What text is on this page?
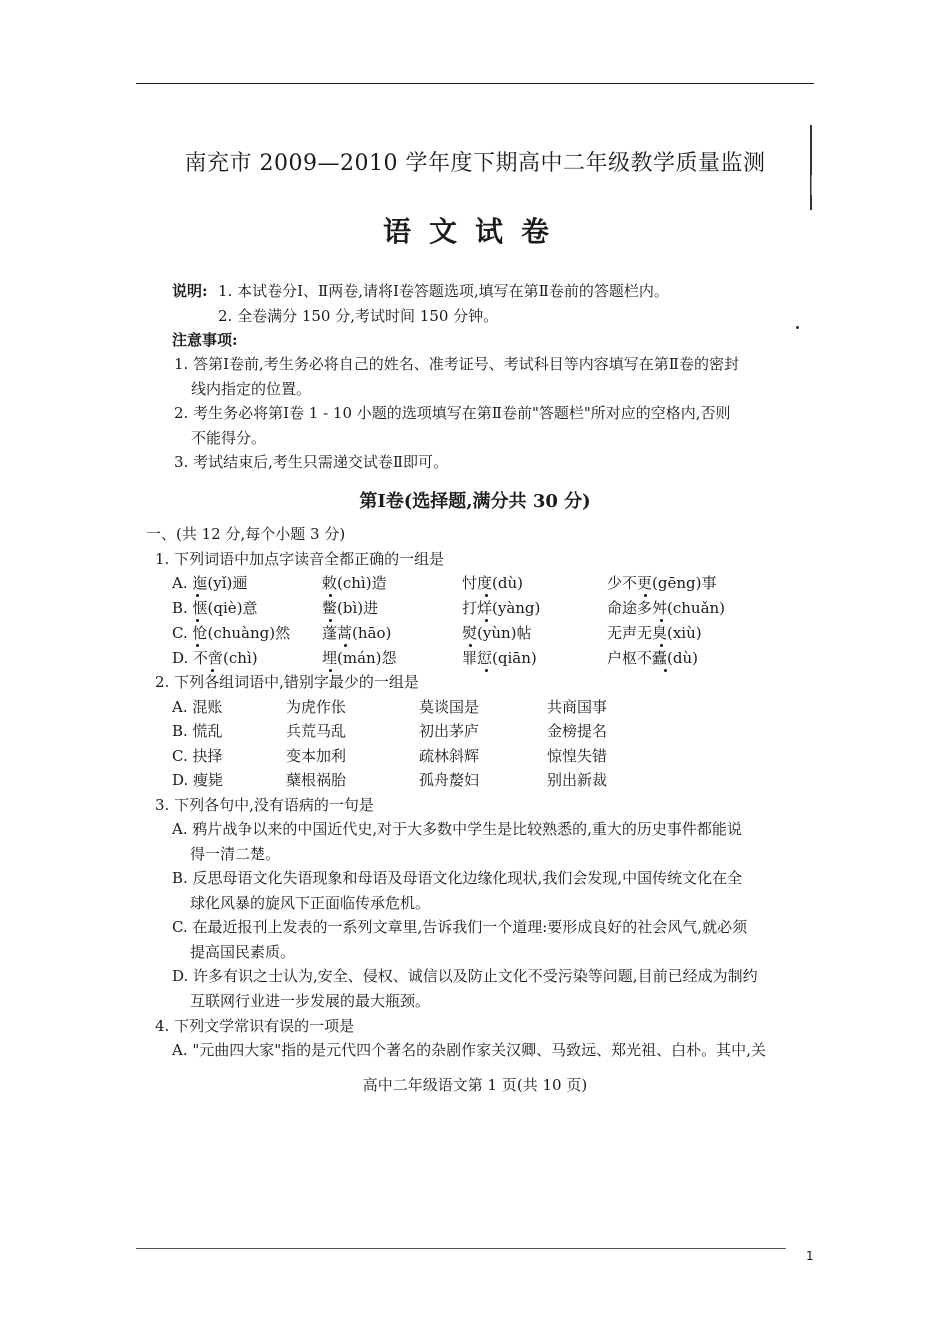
南充市 2009—2010 学年度下期高中二年级教学质量监测
语文试卷
说明: 1. 本试卷分Ⅰ、Ⅱ两卷,请将Ⅰ卷答题选项,填写在第Ⅱ卷前的答题栏内。
2. 全卷满分 150 分,考试时间 150 分钟。
注意事项:
1. 答第Ⅰ卷前,考生务必将自己的姓名、准考证号、考试科目等内容填写在第Ⅱ卷的密封
线内指定的位置。
2. 考生务必将第Ⅰ卷 1 - 10 小题的选项填写在第Ⅱ卷前"答题栏"所对应的空格内,否则
不能得分。
3. 考试结束后,考生只需递交试卷Ⅱ即可。
第Ⅰ卷(选择题,满分共 30 分)
一、(共 12 分,每个小题 3 分)
1. 下列词语中加点字读音全都正确的一组是
A. 迤(yǐ)逦	敕(chì)造	忖度(dù)	少不更(gēng)事
B. 惬(qiè)意	鳖(bì)进	打烊(yàng)	命途多舛(chuǎn)
C. 怆(chuàng)然 蓬蒿(hāo)	熨(yùn)帖	无声无臭(xiù)
D. 不啻(chì)	埋(mán)怨	罪愆(qiān)	户枢不蠹(dù)
2. 下列各组词语中,错别字最少的一组是
A. 混账	为虎作伥	莫谈国是	共商国事
B. 慌乱	兵荒马乱	初出茅庐	金榜提名
C. 抉择	变本加利	疏林斜辉	惊惶失错
D. 瘦毙	蘖根祸胎	孤舟嫠妇	别出新裁
3. 下列各句中,没有语病的一句是
A. 鸦片战争以来的中国近代史,对于大多数中学生是比较熟悉的,重大的历史事件都能说
得一清二楚。
B. 反思母语文化失语现象和母语及母语文化边缘化现状,我们会发现,中国传统文化在全
球化风暴的旋风下正面临传承危机。
C. 在最近报刊上发表的一系列文章里,告诉我们一个道理:要形成良好的社会风气,就必须
提高国民素质。
D. 许多有识之士认为,安全、侵权、诚信以及防止文化不受污染等问题,目前已经成为制约
互联网行业进一步发展的最大瓶颈。
4. 下列文学常识有误的一项是
A. "元曲四大家"指的是元代四个著名的杂剧作家关汉卿、马致远、郑光祖、白朴。其中,关
高中二年级语文第 1 页(共 10 页)
1
